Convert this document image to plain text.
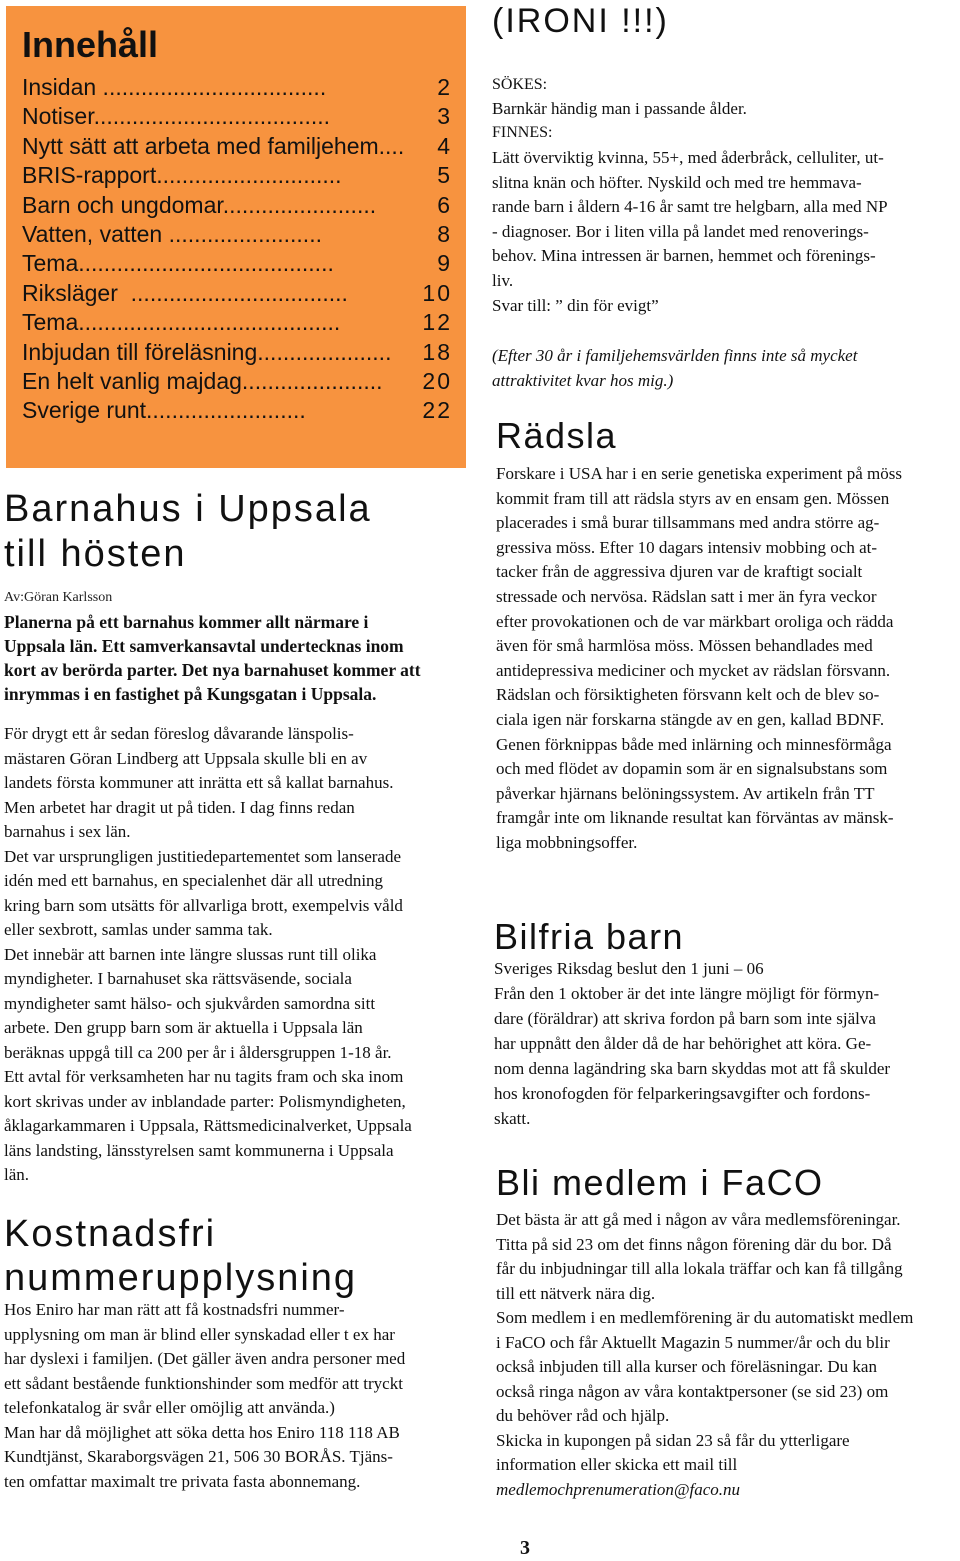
Innehåll
Insidan ...................................	2
Notiser.....................................	3
Nytt sätt att arbeta med familjehem.... 4
BRIS-rapport.............................	5
Barn och ungdomar........................	6
Vatten, vatten ........................	8
Tema........................................	9
Riksläger  ..................................	10
Tema.........................................	12
Inbjudan till föreläsning..................... 18
En helt vanlig majdag...................... 20
Sverige runt.........................	22
Barnahus i Uppsala
till hösten
Av:Göran Karlsson
Planerna på ett barnahus kommer allt närmare i
Uppsala län. Ett samverkansavtal undertecknas inom
kort av berörda parter. Det nya barnahuset kommer att
inrymmas i en fastighet på Kungsgatan i Uppsala.
För drygt ett år sedan föreslog dåvarande länspolis-
mästaren Göran Lindberg att Uppsala skulle bli en av
landets första kommuner att inrätta ett så kallat barnahus.
Men arbetet har dragit ut på tiden. I dag finns redan
barnahus i sex län.
Det var ursprungligen justitiedepartementet som lanserade
idén med ett barnahus, en specialenhet där all utredning
kring barn som utsätts för allvarliga brott, exempelvis våld
eller sexbrott, samlas under samma tak.
Det innebär att barnen inte längre slussas runt till olika
myndigheter. I barnahuset ska rättsväsende, sociala
myndigheter samt hälso- och sjukvården samordna sitt
arbete. Den grupp barn som är aktuella i Uppsala län
beräknas uppgå till ca 200 per år i åldersgruppen 1-18 år.
Ett avtal för verksamheten har nu tagits fram och ska inom
kort skrivas under av inblandade parter: Polismyndigheten,
åklagarkammaren i Uppsala, Rättsmedicinalverket, Uppsala
läns landsting, länsstyrelsen samt kommunerna i Uppsala
län.
Kostnadsfri
nummerupplysning
Hos Eniro har man rätt att få kostnadsfri nummer-
upplysning om man är blind eller synskadad eller t ex har
har dyslexi i familjen. (Det gäller även andra personer med
ett sådant bestående funktionshinder som medför att tryckt
telefonkatalog är svår eller omöjlig att använda.)
Man har då möjlighet att söka detta hos Eniro 118 118 AB
Kundtjänst, Skaraborgsvägen 21, 506 30 BORÅS. Tjäns-
ten omfattar maximalt tre privata fasta abonnemang.
(IRONI !!!)
SÖKES:
Barnkär händig man i passande ålder.
FINNES:
Lätt överviktig kvinna, 55+, med åderbråck, celluliter, ut-
slitna knän och höfter. Nyskild och med tre hemmava-
rande barn i åldern 4-16 år samt tre helgbarn, alla med NP
- diagnoser. Bor i liten villa på landet med renoverings-
behov. Mina intressen är barnen, hemmet och förenings-
liv.
Svar till: ” din för evigt”
(Efter 30 år i familjehemsvärlden finns inte så mycket
attraktivitet kvar hos mig.)
Rädsla
Forskare i USA har i en serie genetiska experiment på möss
kommit fram till att rädsla styrs av en ensam gen. Mössen
placerades i små burar tillsammans med andra större ag-
gressiva möss. Efter 10 dagars intensiv mobbing och at-
tacker från de aggressiva djuren var de kraftigt socialt
stressade och nervösa. Rädslan satt i mer än fyra veckor
efter provokationen och de var märkbart oroliga och rädda
även för små harmlösa möss. Mössen behandlades med
antidepressiva mediciner och mycket av rädslan försvann.
Rädslan och försiktigheten försvann kelt och de blev so-
ciala igen när forskarna stängde av en gen, kallad BDNF.
Genen förknippas både med inlärning och minnesförmåga
och med flödet av dopamin som är en signalsubstans som
påverkar hjärnans belöningssystem. Av artikeln från TT
framgår inte om liknande resultat kan förväntas av mänsk-
liga mobbningsoffer.
Bilfria barn
Sveriges Riksdag beslut den 1 juni – 06
Från den 1 oktober är det inte längre möjligt för förmyn-
dare (föräldrar) att skriva fordon på barn som inte själva
har uppnått den ålder då de har behörighet att köra. Ge-
nom denna lagändring ska barn skyddas mot att få skulder
hos kronofogden för felparkeringsavgifter och fordons-
skatt.
Bli medlem i FaCO
Det bästa är att gå med i någon av våra medlemsföreningar.
Titta på sid 23 om det finns någon förening där du bor. Då
får du inbjudningar till alla lokala träffar och kan få tillgång
till ett nätverk nära dig.
Som medlem i en medlemförening är du automatiskt medlem
i FaCO och får Aktuellt Magazin 5 nummer/år och du blir
också inbjuden till alla kurser och föreläsningar. Du kan
också ringa någon av våra kontaktpersoner (se sid 23) om
du behöver råd och hjälp.
Skicka in kupongen på sidan 23 så får du ytterligare
information eller skicka ett mail till
medlemochprenumeration@faco.nu
3
